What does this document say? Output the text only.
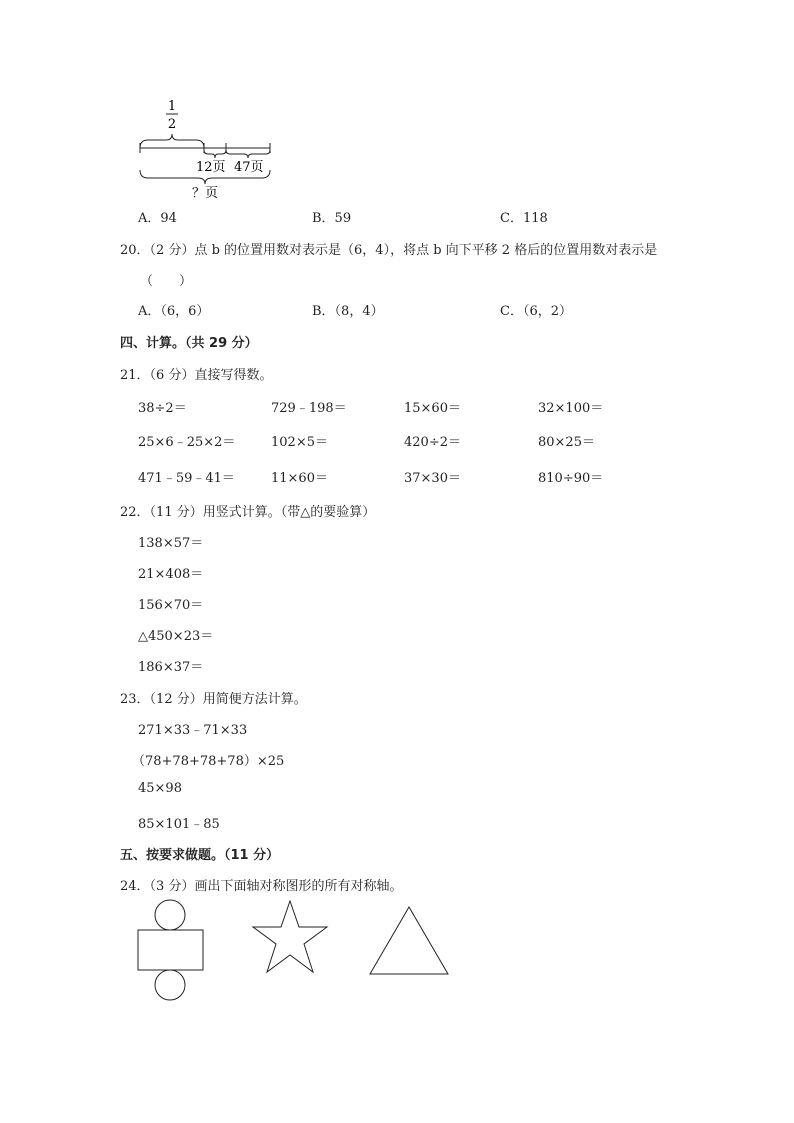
1
2
12页 47页
？页
A．94	B．59	C．118
20．（2 分）点 b 的位置用数对表示是（6，4），将点 b 向下平移 2 格后的位置用数对表示是
（　　）
A．（6，6）	B．（8，4）	C．（6，2）
四、计算。（共 29 分）
21．（6 分）直接写得数。
38÷2＝	729﹣198＝	15×60＝	32×100＝
25×6﹣25×2＝	102×5＝	420÷2＝	80×25＝
471﹣59﹣41＝	11×60＝	37×30＝	810÷90＝
22．（11 分）用竖式计算。（带△的要验算）
138×57＝
21×408＝
156×70＝
△450×23＝
186×37＝
23．（12 分）用简便方法计算。
271×33﹣71×33
（78+78+78+78）×25
45×98
85×101﹣85
五、按要求做题。（11 分）
24．（3 分）画出下面轴对称图形的所有对称轴。
